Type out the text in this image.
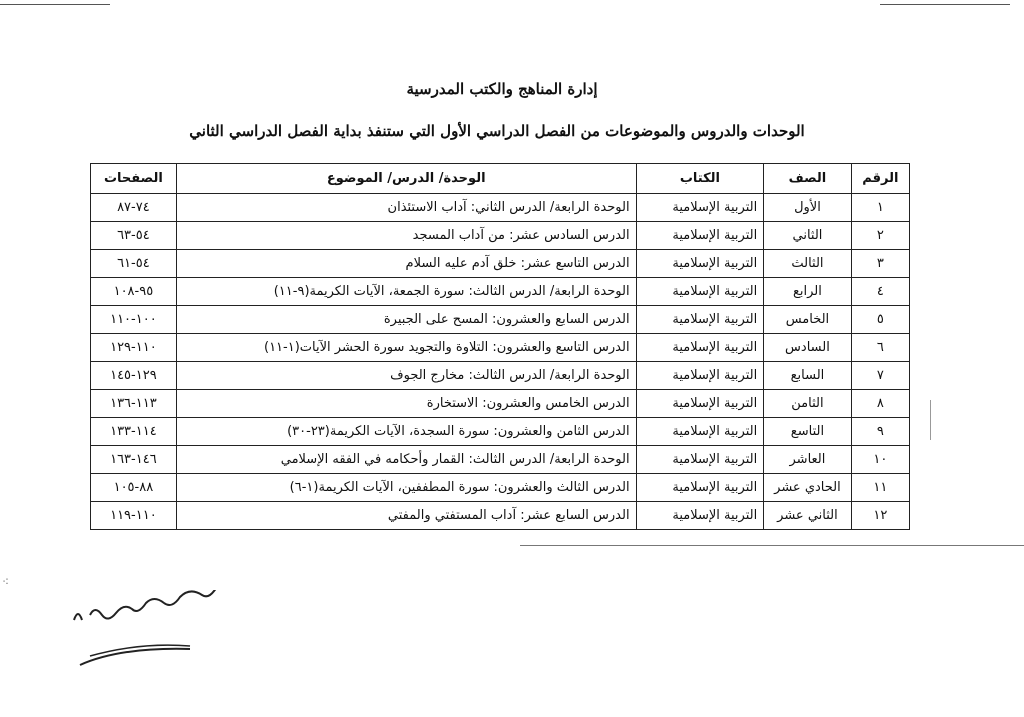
إدارة المناهج والكتب المدرسية
الوحدات والدروس والموضوعات من الفصل الدراسي الأول التي ستنفذ بداية الفصل الدراسي الثاني
الرقم	الصف	الكتاب	الوحدة/ الدرس/ الموضوع	الصفحات
١	الأول	التربية الإسلامية	الوحدة الرابعة/ الدرس الثاني: آداب الاستئذان	٧٤-٨٧
٢	الثاني	التربية الإسلامية	الدرس السادس عشر: من آداب المسجد	٥٤-٦٣
٣	الثالث	التربية الإسلامية	الدرس التاسع عشر: خلق آدم عليه السلام	٥٤-٦١
٤	الرابع	التربية الإسلامية	الوحدة الرابعة/ الدرس الثالث: سورة الجمعة، الآيات الكريمة(٩-١١)	٩٥-١٠٨
٥	الخامس	التربية الإسلامية	الدرس السابع والعشرون: المسح على الجبيرة	١٠٠-١١٠
٦	السادس	التربية الإسلامية	الدرس التاسع والعشرون: التلاوة والتجويد سورة الحشر الآيات(١-١١)	١١٠-١٢٩
٧	السابع	التربية الإسلامية	الوحدة الرابعة/ الدرس الثالث: مخارج الجوف	١٢٩-١٤٥
٨	الثامن	التربية الإسلامية	الدرس الخامس والعشرون: الاستخارة	١١٣-١٣٦
٩	التاسع	التربية الإسلامية	الدرس الثامن والعشرون: سورة السجدة، الآيات الكريمة(٢٣-٣٠)	١١٤-١٣٣
١٠	العاشر	التربية الإسلامية	الوحدة الرابعة/ الدرس الثالث: القمار وأحكامه في الفقه الإسلامي	١٤٦-١٦٣
١١	الحادي عشر	التربية الإسلامية	الدرس الثالث والعشرون: سورة المطففين، الآيات الكريمة(١-٦)	٨٨-١٠٥
١٢	الثاني عشر	التربية الإسلامية	الدرس السابع عشر: آداب المستفتي والمفتي	١١٠-١١٩
⁖
